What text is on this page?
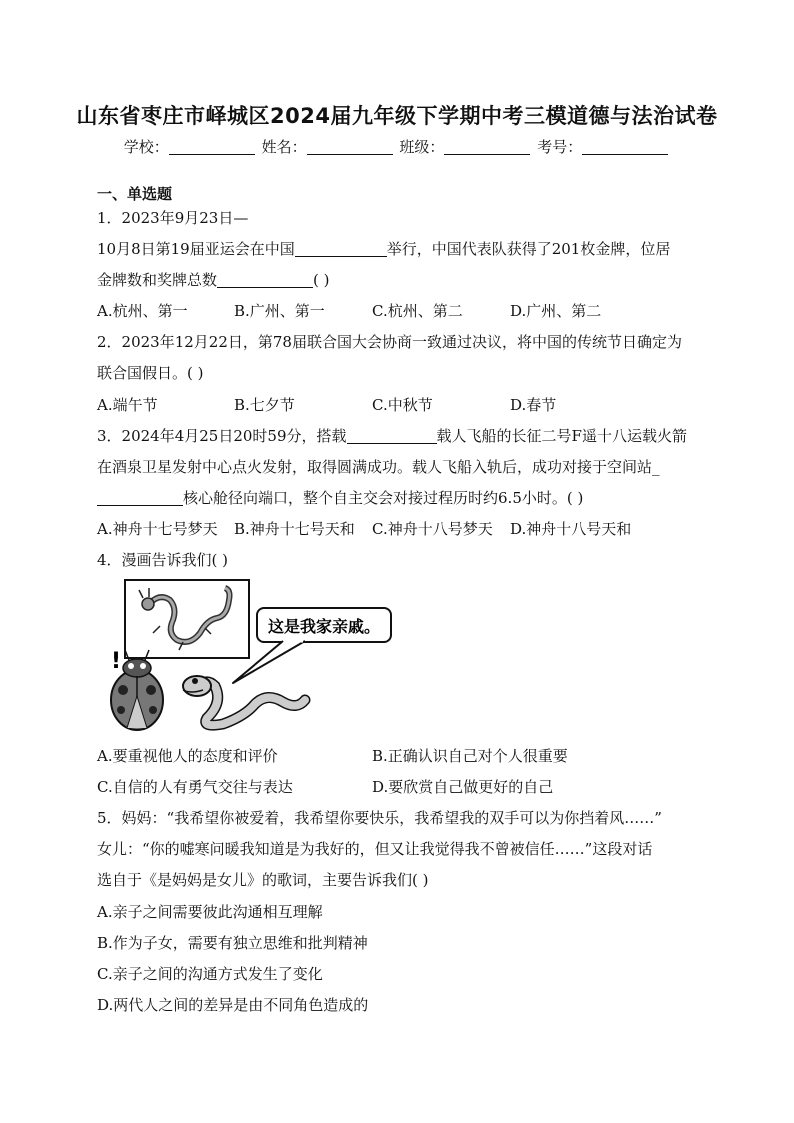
山东省枣庄市峄城区2024届九年级下学期中考三模道德与法治试卷
学校：	姓名：	班级：	考号：
一、单选题
1．2023年9月23日—
10月8日第19届亚运会在中国	举行，中国代表队获得了201枚金牌，位居
金牌数和奖牌总数	( )
A.杭州、第一	B.广州、第一	C.杭州、第二	D.广州、第二
2．2023年12月22日，第78届联合国大会协商一致通过决议，将中国的传统节日确定为
联合国假日。( )
A.端午节	B.七夕节	C.中秋节	D.春节
3．2024年4月25日20时59分，搭载	载人飞船的长征二号F遥十八运载火箭
在酒泉卫星发射中心点火发射，取得圆满成功。载人飞船入轨后，成功对接于空间站_
核心舱径向端口，整个自主交会对接过程历时约6.5小时。( )
A.神舟十七号梦天 B.神舟十七号天和 C.神舟十八号梦天 D.神舟十八号天和
4．漫画告诉我们( )
这是我家亲戚。
!
A.要重视他人的态度和评价	B.正确认识自己对个人很重要
C.自信的人有勇气交往与表达	D.要欣赏自己做更好的自己
5．妈妈：“我希望你被爱着，我希望你要快乐，我希望我的双手可以为你挡着风……”
女儿：“你的嘘寒问暖我知道是为我好的，但又让我觉得我不曾被信任……”这段对话
选自于《是妈妈是女儿》的歌词，主要告诉我们( )
A.亲子之间需要彼此沟通相互理解
B.作为子女，需要有独立思维和批判精神
C.亲子之间的沟通方式发生了变化
D.两代人之间的差异是由不同角色造成的
